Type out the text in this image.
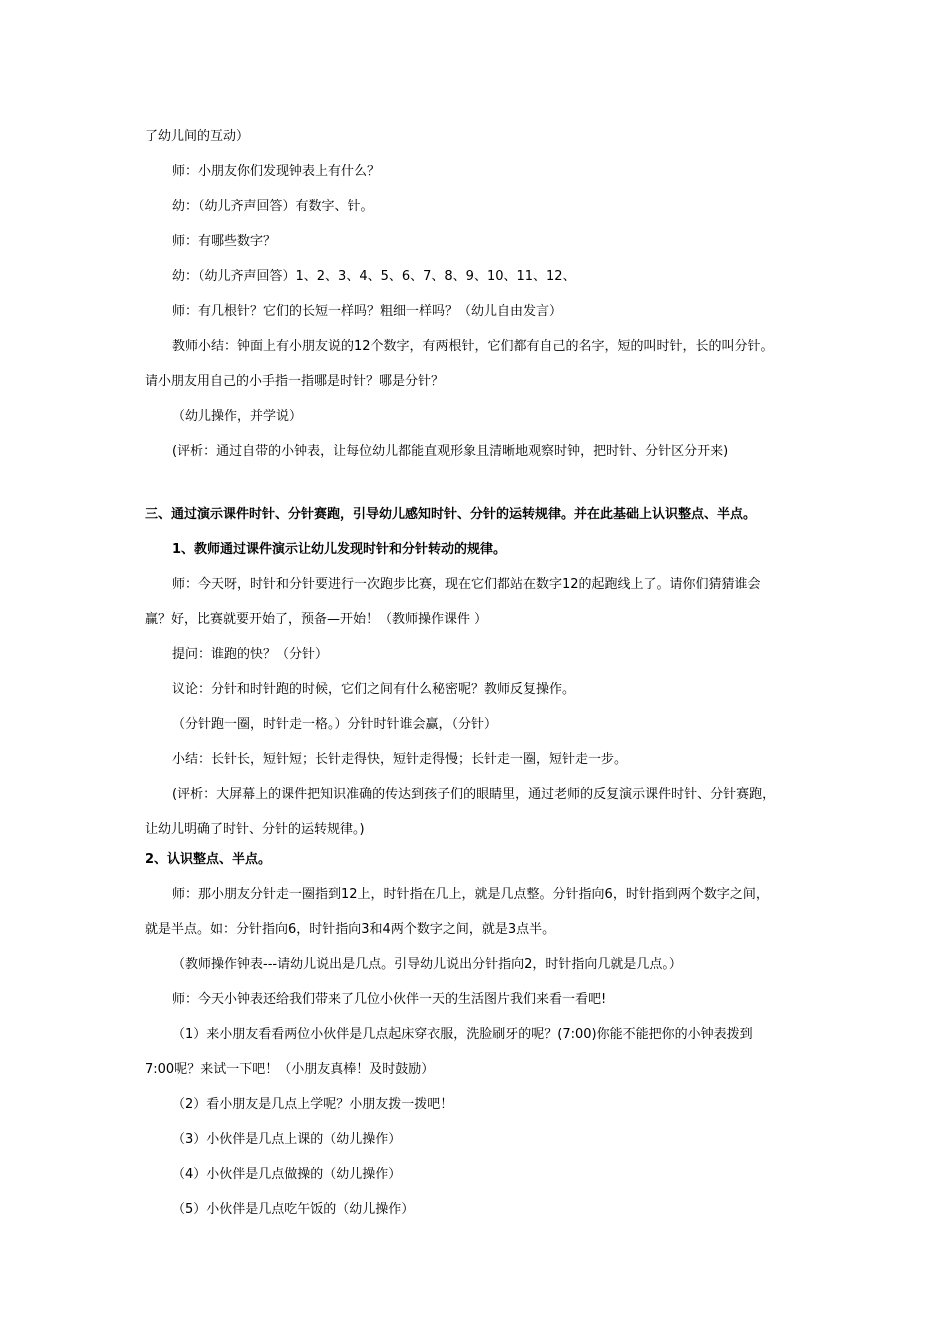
了幼儿间的互动）
师：小朋友你们发现钟表上有什么？
幼：（幼儿齐声回答）有数字、针。
师：有哪些数字？
幼：（幼儿齐声回答）1、2、3、4、5、6、7、8、9、10、11、12、
师：有几根针？它们的长短一样吗？粗细一样吗？（幼儿自由发言）
教师小结：钟面上有小朋友说的12个数字，有两根针，它们都有自己的名字，短的叫时针，长的叫分针。
请小朋友用自己的小手指一指哪是时针？哪是分针？
（幼儿操作，并学说）
(评析：通过自带的小钟表，让每位幼儿都能直观形象且清晰地观察时钟，把时针、分针区分开来)
三、通过演示课件时针、分针赛跑，引导幼儿感知时针、分针的运转规律。并在此基础上认识整点、半点。
1、教师通过课件演示让幼儿发现时针和分针转动的规律。
师：今天呀，时针和分针要进行一次跑步比赛，现在它们都站在数字12的起跑线上了。请你们猜猜谁会
赢？好，比赛就要开始了，预备—开始！（教师操作课件 ）
提问：谁跑的快？（分针）
议论：分针和时针跑的时候，它们之间有什么秘密呢？教师反复操作。
（分针跑一圈，时针走一格。）分针时针谁会赢，（分针）
小结：长针长，短针短；长针走得快，短针走得慢；长针走一圈，短针走一步。
(评析：大屏幕上的课件把知识准确的传达到孩子们的眼睛里，通过老师的反复演示课件时针、分针赛跑，
让幼儿明确了时针、分针的运转规律。)
2、认识整点、半点。
师：那小朋友分针走一圈指到12上，时针指在几上，就是几点整。分针指向6，时针指到两个数字之间，
就是半点。如：分针指向6，时针指向3和4两个数字之间，就是3点半。
（教师操作钟表---请幼儿说出是几点。引导幼儿说出分针指向2，时针指向几就是几点。）
师：今天小钟表还给我们带来了几位小伙伴一天的生活图片我们来看一看吧!
（1）来小朋友看看两位小伙伴是几点起床穿衣服，洗脸刷牙的呢？(7:00)你能不能把你的小钟表拨到
7:00呢？来试一下吧！（小朋友真棒！及时鼓励）
（2）看小朋友是几点上学呢？小朋友拨一拨吧！
（3）小伙伴是几点上课的（幼儿操作）
（4）小伙伴是几点做操的（幼儿操作）
（5）小伙伴是几点吃午饭的（幼儿操作）
